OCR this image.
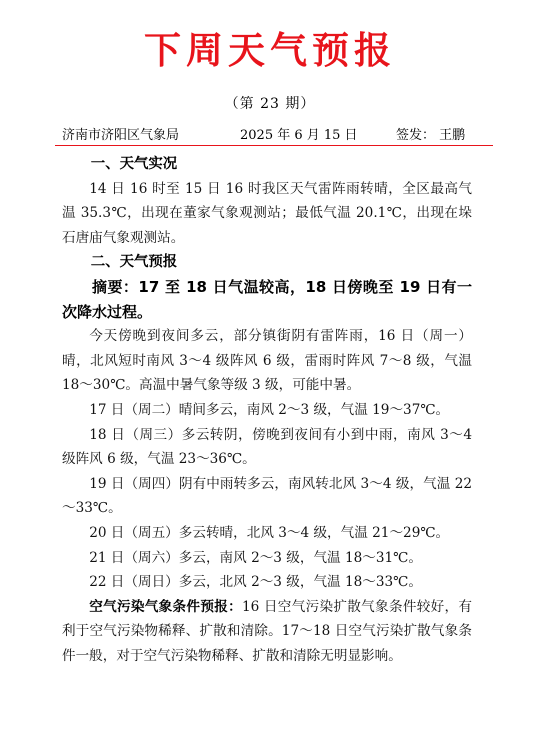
下周天气预报
（第 23 期）
济南市济阳区气象局	2025 年 6 月 15 日	签发： 王鹏

一、天气实况

14 日 16 时至 15 日 16 时我区天气雷阵雨转晴，全区最高气温 35.3℃，出现在董家气象观测站；最低气温 20.1℃，出现在垛石唐庙气象观测站。

二、天气预报

摘要：17 至 18 日气温较高，18 日傍晚至 19 日有一次降水过程。

今天傍晚到夜间多云，部分镇街阴有雷阵雨，16 日（周一）晴，北风短时南风 3～4 级阵风 6 级，雷雨时阵风 7～8 级，气温 18～30℃。高温中暑气象等级 3 级，可能中暑。

17 日（周二）晴间多云，南风 2～3 级，气温 19～37℃。

18 日（周三）多云转阴，傍晚到夜间有小到中雨，南风 3～4 级阵风 6 级，气温 23～36℃。

19 日（周四）阴有中雨转多云，南风转北风 3～4 级，气温 22～33℃。

20 日（周五）多云转晴，北风 3～4 级，气温 21～29℃。

21 日（周六）多云，南风 2～3 级，气温 18～31℃。

22 日（周日）多云，北风 2～3 级，气温 18～33℃。

空气污染气象条件预报：16 日空气污染扩散气象条件较好，有利于空气污染物稀释、扩散和清除。17～18 日空气污染扩散气象条件一般，对于空气污染物稀释、扩散和清除无明显影响。
